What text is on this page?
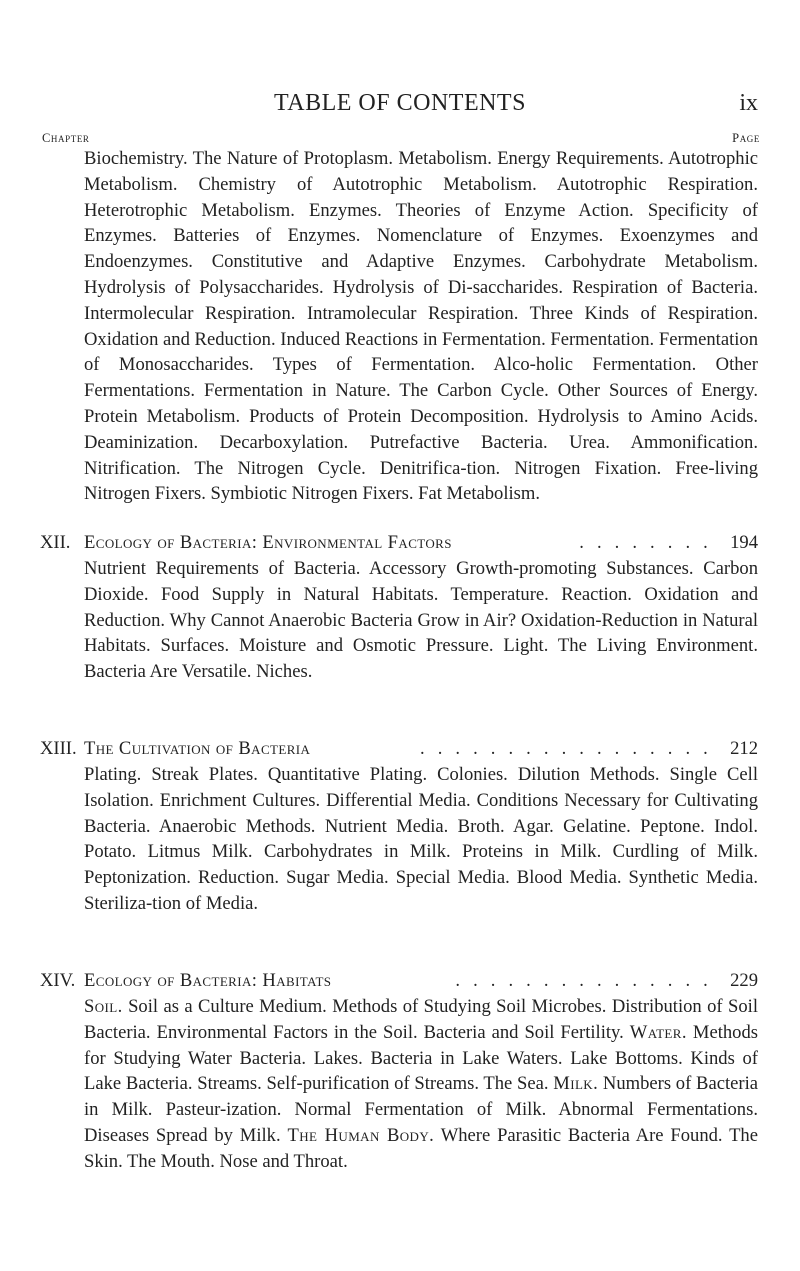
TABLE OF CONTENTS	ix
Chapter	Page
Biochemistry. The Nature of Protoplasm. Metabolism. Energy Requirements. Autotrophic Metabolism. Chemistry of Autotrophic Metabolism. Autotrophic Respiration. Heterotrophic Metabolism. Enzymes. Theories of Enzyme Action. Specificity of Enzymes. Batteries of Enzymes. Nomenclature of Enzymes. Exoenzymes and Endoenzymes. Constitutive and Adaptive Enzymes. Carbohydrate Metabolism. Hydrolysis of Polysaccharides. Hydrolysis of Di-saccharides. Respiration of Bacteria. Intermolecular Respiration. Intramolecular Respiration. Three Kinds of Respiration. Oxidation and Reduction. Induced Reactions in Fermentation. Fermentation. Fermentation of Monosaccharides. Types of Fermentation. Alco-holic Fermentation. Other Fermentations. Fermentation in Nature. The Carbon Cycle. Other Sources of Energy. Protein Metabolism. Products of Protein Decomposition. Hydrolysis to Amino Acids. Deaminization. Decarboxylation. Putrefactive Bacteria. Urea. Ammonification. Nitrification. The Nitrogen Cycle. Denitrifica-tion. Nitrogen Fixation. Free-living Nitrogen Fixers. Symbiotic Nitrogen Fixers. Fat Metabolism.
XII. Ecology of Bacteria: Environmental Factors	. . . . . . . . 194
Nutrient Requirements of Bacteria. Accessory Growth-promoting Substances. Carbon Dioxide. Food Supply in Natural Habitats. Temperature. Reaction. Oxidation and Reduction. Why Cannot Anaerobic Bacteria Grow in Air? Oxidation-Reduction in Natural Habitats. Surfaces. Moisture and Osmotic Pressure. Light. The Living Environment. Bacteria Are Versatile. Niches.
XIII. The Cultivation of Bacteria	. . . . . . . . . . . . . . . . . 212
Plating. Streak Plates. Quantitative Plating. Colonies. Dilution Methods. Single Cell Isolation. Enrichment Cultures. Differential Media. Conditions Necessary for Cultivating Bacteria. Anaerobic Methods. Nutrient Media. Broth. Agar. Gelatine. Peptone. Indol. Potato. Litmus Milk. Carbohydrates in Milk. Proteins in Milk. Curdling of Milk. Peptonization. Reduction. Sugar Media. Special Media. Blood Media. Synthetic Media. Steriliza-tion of Media.
XIV. Ecology of Bacteria: Habitats	. . . . . . . . . . . . . . . 229
Soil. Soil as a Culture Medium. Methods of Studying Soil Microbes. Distribution of Soil Bacteria. Environmental Factors in the Soil. Bacteria and Soil Fertility. Water. Methods for Studying Water Bacteria. Lakes. Bacteria in Lake Waters. Lake Bottoms. Kinds of Lake Bacteria. Streams. Self-purification of Streams. The Sea. Milk. Numbers of Bacteria in Milk. Pasteur-ization. Normal Fermentation of Milk. Abnormal Fermentations. Diseases Spread by Milk. The Human Body. Where Parasitic Bacteria Are Found. The Skin. The Mouth. Nose and Throat.
